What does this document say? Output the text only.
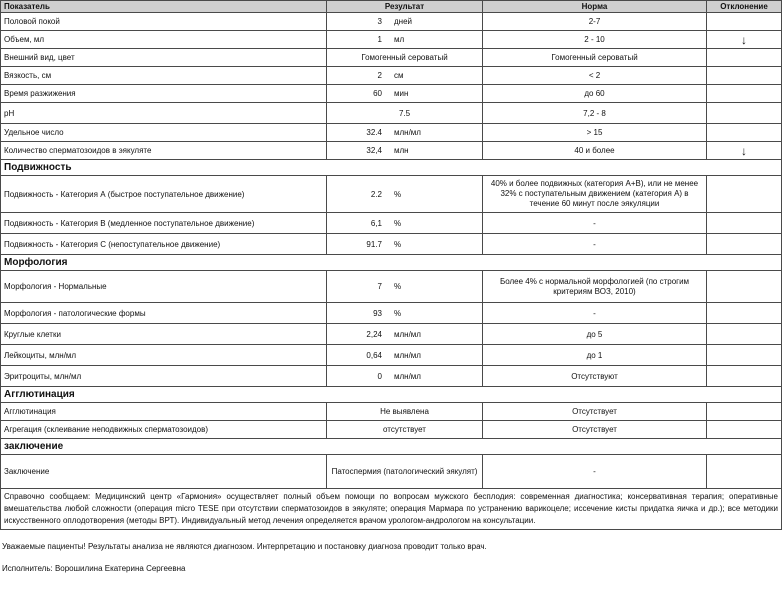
Показатель	Результат	Норма	Отклонение
Половой покой	3 дней	2-7	
Объем, мл	1 мл	2 - 10	↓
Внешний вид, цвет	Гомогенный сероватый	Гомогенный сероватый	
Вязкость, см	2 см	< 2	
Время разжижения	60 мин	до 60	
pH	7.5	7,2 - 8	
Удельное число	32.4 млн/мл	> 15	
Количество сперматозоидов в эякуляте	32,4 млн	40 и более	↓
Подвижность			
Подвижность - Категория А (быстрое поступательное движение)	2.2 %	40% и более подвижных (категория А+В), или не менее 32% с поступательным движением (категория А) в течение 60 минут после эякуляции	
Подвижность - Категория В (медленное поступательное движение)	6,1 %	-	
Подвижность - Категория С (непоступательное движение)	91.7 %	-	
Морфология			
Морфология - Нормальные	7 %	Более 4% с нормальной морфологией (по строгим критериям ВОЗ, 2010)	
Морфология - патологические формы	93 %	-	
Круглые клетки	2,24 млн/мл	до 5	
Лейкоциты, млн/мл	0,64 млн/мл	до 1	
Эритроциты, млн/мл	0 млн/мл	Отсутствуют	
Агглютинация			
Агглютинация	Не выявлена	Отсутствует	
Агрегация (склеивание неподвижных сперматозоидов)	отсутствует	Отсутствует	
заключение			
Заключение	Патоспермия (патологический эякулят)	-	
Справочно сообщаем: Медицинский центр «Гармония» осуществляет полный объем помощи по вопросам мужского бесплодия: современная диагностика; консервативная терапия; оперативные вмешательства любой сложности (операция micro TESE при отсутствии сперматозоидов в эякуляте; операция Мармара по устранению варикоцеле; иссечение кисты придатка яичка и др.); все методики искусственного оплодотворения (методы ВРТ). Индивидуальный метод лечения определяется врачом урологом-андрологом на консультации.			
Уважаемые пациенты! Результаты анализа не являются диагнозом. Интерпретацию и постановку диагноза проводит только врач.
Исполнитель: Ворошилина Екатерина Сергеевна
